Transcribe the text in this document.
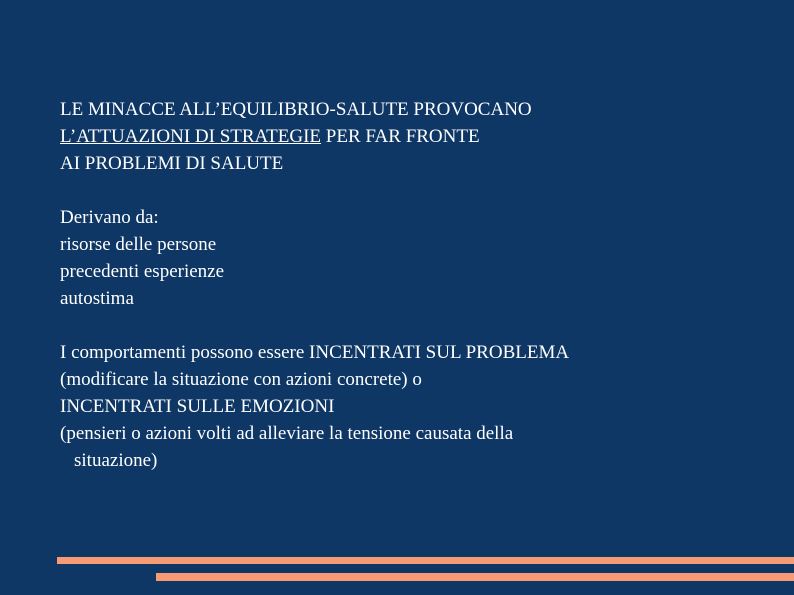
LE MINACCE ALL’EQUILIBRIO-SALUTE PROVOCANO
L’ATTUAZIONI DI STRATEGIE PER FAR FRONTE
AI PROBLEMI DI SALUTE

Derivano da:
risorse delle persone
precedenti esperienze
autostima

I comportamenti possono essere INCENTRATI SUL PROBLEMA
(modificare la situazione con azioni concrete) o
INCENTRATI SULLE EMOZIONI
(pensieri o azioni volti ad alleviare la tensione causata della
situazione)
